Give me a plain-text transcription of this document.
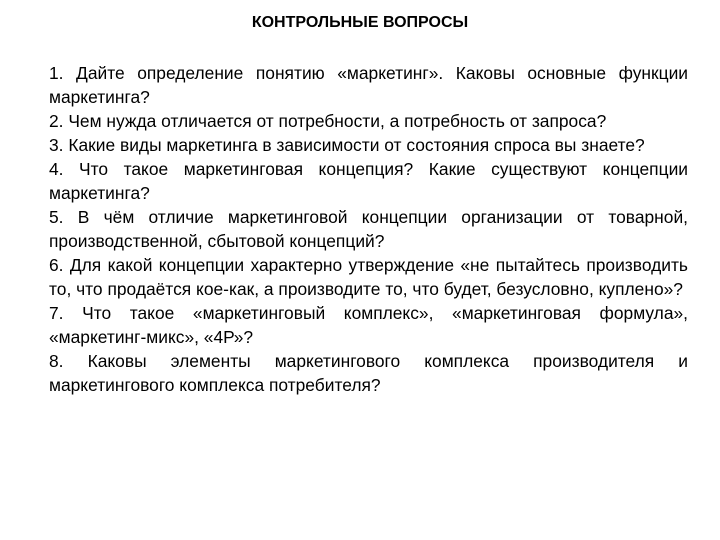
КОНТРОЛЬНЫЕ ВОПРОСЫ

1. Дайте определение понятию «маркетинг». Каковы основные функции маркетинга?

2. Чем нужда отличается от потребности, а потребность от запроса?

3. Какие виды маркетинга в зависимости от состояния спроса вы знаете?

4. Что такое маркетинговая концепция? Какие существуют концепции маркетинга?

5. В чём отличие маркетинговой концепции организации от товарной, производственной, сбытовой концепций?

6. Для какой концепции характерно утверждение «не пытайтесь производить то, что продаётся кое-как, а производите то, что будет, безусловно, куплено»?

7. Что такое «маркетинговый комплекс», «маркетинговая формула», «маркетинг-микс», «4Р»?

8. Каковы элементы маркетингового комплекса производителя и маркетингового комплекса потребителя?
